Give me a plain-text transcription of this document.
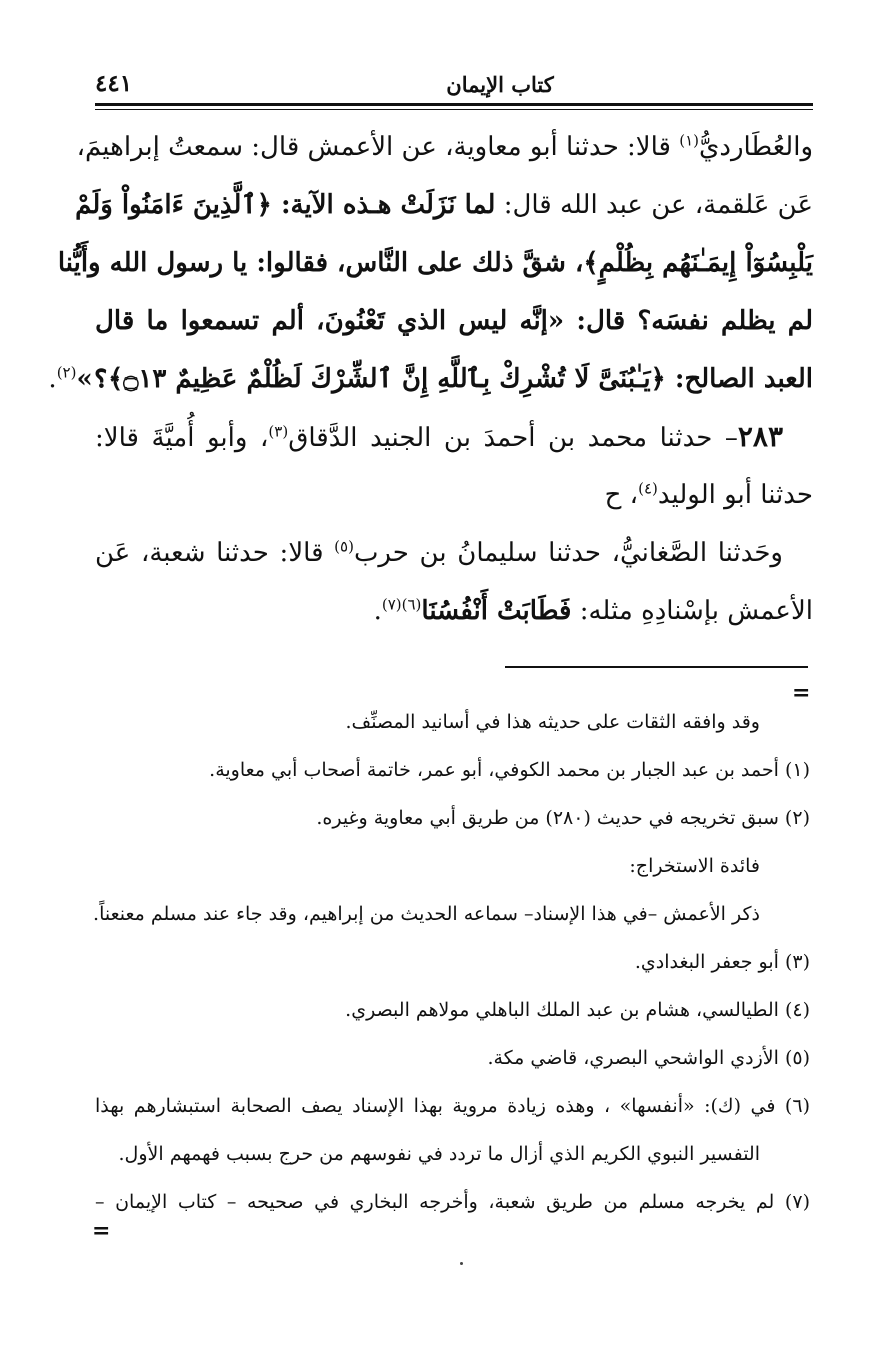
٤٤١	كتاب الإيمان
والعُطَارديُّ$^{(١)}$ قالا: حدثنا أبو معاوية، عن الأعمش قال: سمعتُ إبراهيمَ،
عَن عَلقمة، عن عبد الله قال: لما نَزَلَتْ هـذه الآية: ﴿ٱلَّذِينَ ءَامَنُواْ وَلَمْ
يَلْبِسُوٓاْ إِيمَـٰنَهُم بِظُلْمٍ﴾، شقَّ ذلك على النَّاس، فقالوا: يا رسول الله وأَيُّنا
لم يظلم نفسَه؟ قال: «إنَّه ليس الذي تَعْنُونَ، ألم تسمعوا ما قال
العبد الصالح: ﴿يَـٰبُنَىَّ لَا تُشْرِكْ بِٱللَّهِ إِنَّ ٱلشِّرْكَ لَظُلْمٌ عَظِيمٌ ۝١٣﴾؟»$^{(٢)}$.
٢٨٣– حدثنا محمد بن أحمدَ بن الجنيد الدَّقاق$^{(٣)}$، وأبو أُميَّةَ قالا:
حدثنا أبو الوليد$^{(٤)}$، ح
وحَدثنا الصَّغانيُّ، حدثنا سليمانُ بن حرب$^{(٥)}$ قالا: حدثنا شعبة، عَن
الأعمش بإسْنادِهِ مثله: فَطَابَتْ أَنْفُسُنَا$^{(٦)(٧)}$.
=
وقد وافقه الثقات على حديثه هذا في أسانيد المصنِّف.
(١) أحمد بن عبد الجبار بن محمد الكوفي، أبو عمر، خاتمة أصحاب أبي معاوية.
(٢) سبق تخريجه في حديث (٢٨٠) من طريق أبي معاوية وغيره.
فائدة الاستخراج:
ذكر الأعمش –في هذا الإسناد– سماعه الحديث من إبراهيم، وقد جاء عند مسلم معنعناً.
(٣) أبو جعفر البغدادي.
(٤) الطيالسي، هشام بن عبد الملك الباهلي مولاهم البصري.
(٥) الأزدي الواشحي البصري، قاضي مكة.
(٦) في (ك): «أنفسها» ، وهذه زيادة مروية بهذا الإسناد يصف الصحابة استبشارهم بهذا
التفسير النبوي الكريم الذي أزال ما تردد في نفوسهم من حرج بسبب فهمهم الأول.
(٧) لم يخرجه مسلم من طريق شعبة، وأخرجه البخاري في صحيحه – كتاب الإيمان –
=
